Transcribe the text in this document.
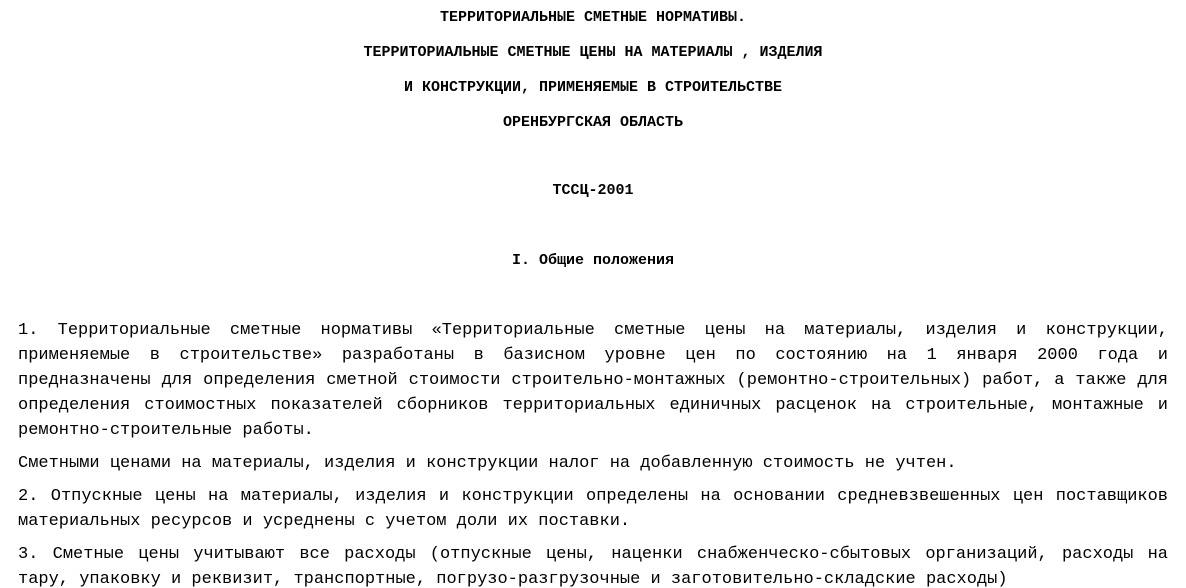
ТЕРРИТОРИАЛЬНЫЕ СМЕТНЫЕ НОРМАТИВЫ.

ТЕРРИТОРИАЛЬНЫЕ СМЕТНЫЕ ЦЕНЫ НА МАТЕРИАЛЫ , ИЗДЕЛИЯ

И КОНСТРУКЦИИ, ПРИМЕНЯЕМЫЕ В СТРОИТЕЛЬСТВЕ

ОРЕНБУРГСКАЯ ОБЛАСТЬ

ТССЦ-2001

I. Общие положения

1. Территориальные сметные нормативы «Территориальные сметные цены на материалы, изделия и конструкции, применяемые в строительстве» разработаны в базисном уровне цен по состоянию на 1 января 2000 года и предназначены для определения сметной стоимости строительно-монтажных (ремонтно-строительных) работ, а также для определения стоимостных показателей сборников территориальных единичных расценок на строительные, монтажные и ремонтно-строительные работы.

Сметными ценами на материалы, изделия и конструкции налог на добавленную стоимость не учтен.

2. Отпускные цены на материалы, изделия и конструкции определены на основании средневзвешенных цен поставщиков материальных ресурсов и усреднены с учетом доли их поставки.

3. Сметные цены учитывают все расходы (отпускные цены, наценки снабженческо-сбытовых организаций, расходы на тару, упаковку и реквизит, транспортные, погрузо-разгрузочные и заготовительно-складские расходы)
